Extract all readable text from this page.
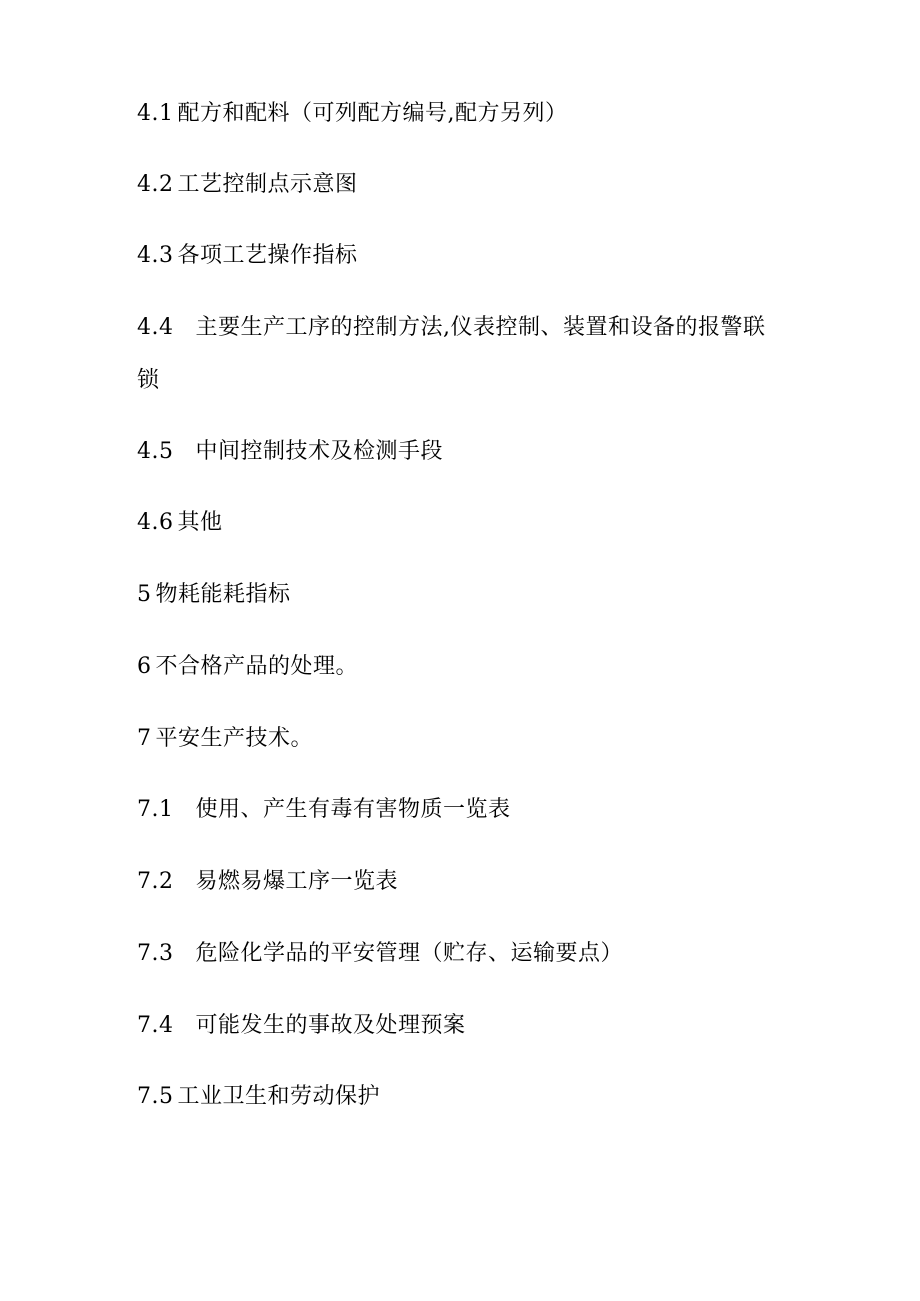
4.1 配方和配料（可列配方编号,配方另列）
4.2 工艺控制点示意图
4.3 各项工艺操作指标
4.4 主要生产工序的控制方法,仪表控制、装置和设备的报警联
锁
4.5 中间控制技术及检测手段
4.6 其他
5 物耗能耗指标
6 不合格产品的处理。
7 平安生产技术。
7.1 使用、产生有毒有害物质一览表
7.2 易燃易爆工序一览表
7.3 危险化学品的平安管理（贮存、运输要点）
7.4 可能发生的事故及处理预案
7.5 工业卫生和劳动保护
